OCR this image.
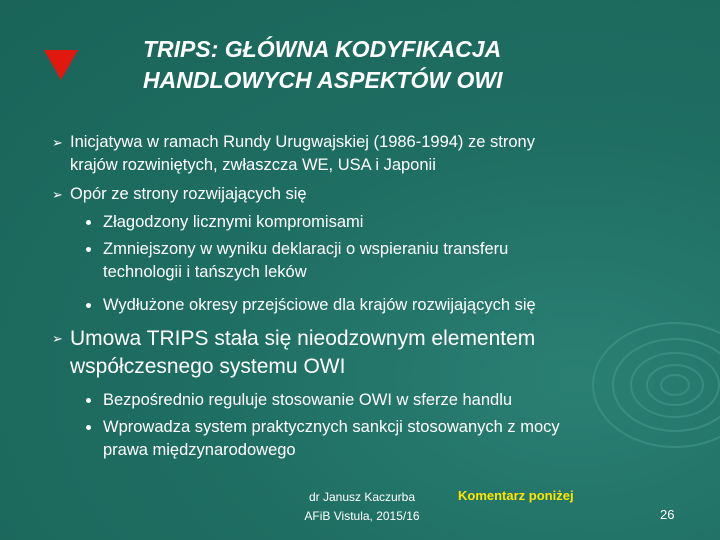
TRIPS: GŁÓWNA KODYFIKACJA
HANDLOWYCH ASPEKTÓW OWI
➢ Inicjatywa w ramach Rundy Urugwajskiej (1986-1994) ze strony
krajów rozwiniętych, zwłaszcza WE, USA i Japonii
➢ Opór ze strony rozwijających się
Złagodzony licznymi kompromisami
Zmniejszony w wyniku deklaracji o wspieraniu transferu
technologii i tańszych leków
Wydłużone okresy przejściowe dla krajów rozwijających się
➢ Umowa TRIPS stała się nieodzownym elementem
współczesnego systemu OWI
Bezpośrednio reguluje stosowanie OWI w sferze handlu
Wprowadza system praktycznych sankcji stosowanych z mocy
prawa międzynarodowego
dr Janusz Kaczurba
AFiB Vistula, 2015/16
Komentarz poniżej
26
